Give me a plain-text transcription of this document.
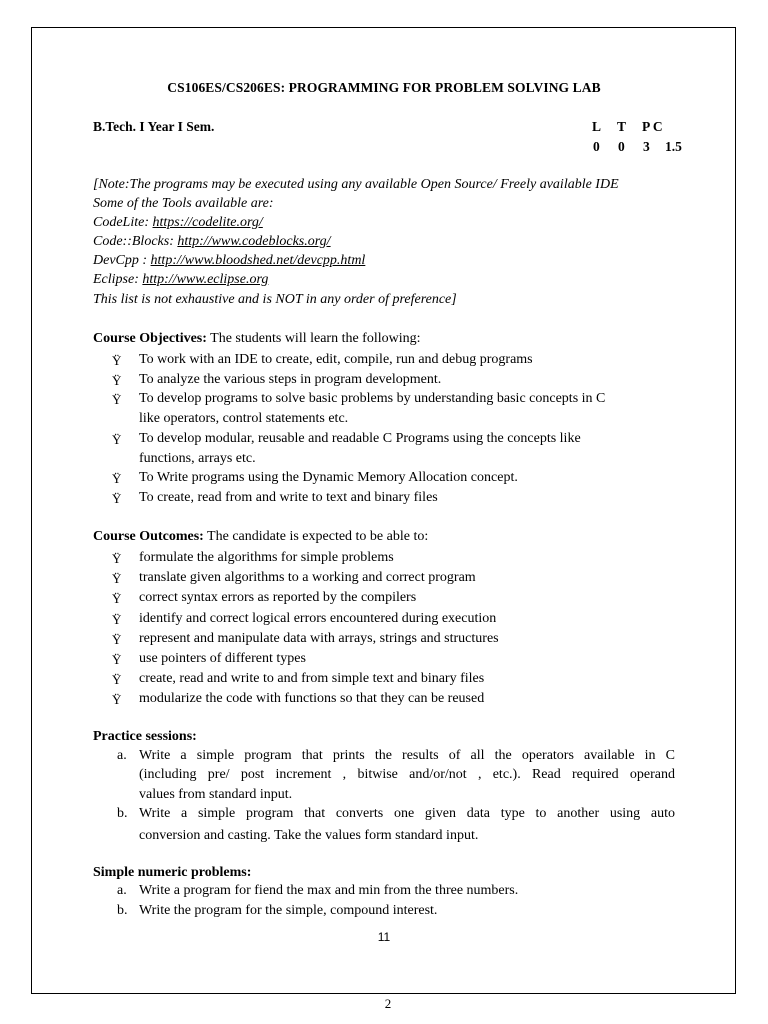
CS106ES/CS206ES: PROGRAMMING FOR PROBLEM SOLVING LAB
B.Tech. I Year I Sem.	L T P C
0 0 3 1.5
[Note:The programs may be executed using any available Open Source/ Freely available IDE
Some of the Tools available are:
CodeLite: https://codelite.org/
Code::Blocks: http://www.codeblocks.org/
DevCpp : http://www.bloodshed.net/devcpp.html
Eclipse: http://www.eclipse.org
This list is not exhaustive and is NOT in any order of preference]
Course Objectives: The students will learn the following:
Ÿ To work with an IDE to create, edit, compile, run and debug programs
Ÿ To analyze the various steps in program development.
Ÿ To develop programs to solve basic problems by understanding basic concepts in C
like operators, control statements etc.
Ÿ To develop modular, reusable and readable C Programs using the concepts like
functions, arrays etc.
Ÿ To Write programs using the Dynamic Memory Allocation concept.
Ÿ To create, read from and write to text and binary files
Course Outcomes: The candidate is expected to be able to:
Ÿ formulate the algorithms for simple problems
Ÿ translate given algorithms to a working and correct program
Ÿ correct syntax errors as reported by the compilers
Ÿ identify and correct logical errors encountered during execution
Ÿ represent and manipulate data with arrays, strings and structures
Ÿ use pointers of different types
Ÿ create, read and write to and from simple text and binary files
Ÿ modularize the code with functions so that they can be reused
Practice sessions:
a. Write a simple program that prints the results of all the operators available in C
(including pre/ post increment , bitwise and/or/not , etc.). Read required operand
values from standard input.
b. Write a simple program that converts one given data type to another using auto
conversion and casting. Take the values form standard input.
Simple numeric problems:
a. Write a program for fiend the max and min from the three numbers.
b. Write the program for the simple, compound interest.
11
2
